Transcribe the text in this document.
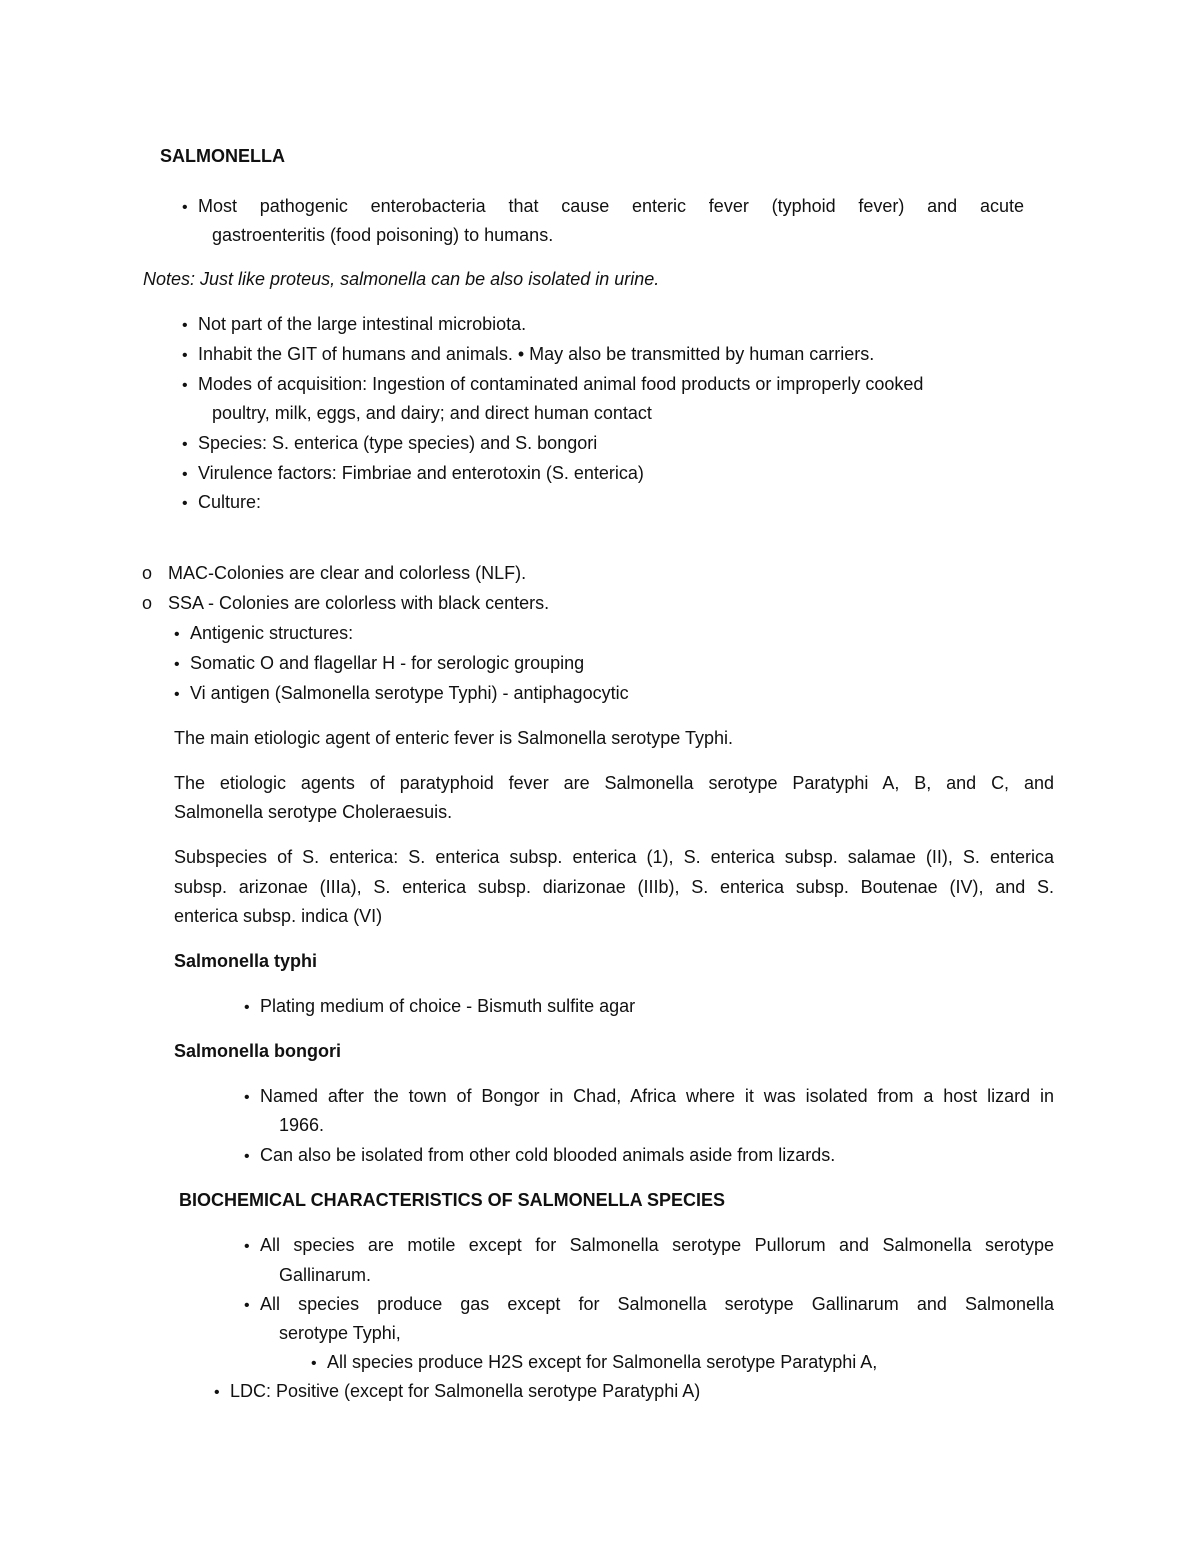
SALMONELLA
• Most pathogenic enterobacteria that cause enteric fever (typhoid fever) and acute
gastroenteritis (food poisoning) to humans.
Notes: Just like proteus, salmonella can be also isolated in urine.
• Not part of the large intestinal microbiota.
• Inhabit the GIT of humans and animals. • May also be transmitted by human carriers.
• Modes of acquisition: Ingestion of contaminated animal food products or improperly cooked
poultry, milk, eggs, and dairy; and direct human contact
• Species: S. enterica (type species) and S. bongori
• Virulence factors: Fimbriae and enterotoxin (S. enterica)
• Culture:
o MAC-Colonies are clear and colorless (NLF).
o SSA - Colonies are colorless with black centers.
• Antigenic structures:
• Somatic O and flagellar H - for serologic grouping
• Vi antigen (Salmonella serotype Typhi) - antiphagocytic
The main etiologic agent of enteric fever is Salmonella serotype Typhi.
The etiologic agents of paratyphoid fever are Salmonella serotype Paratyphi A, B, and C, and
Salmonella serotype Choleraesuis.
Subspecies of S. enterica: S. enterica subsp. enterica (1), S. enterica subsp. salamae (II), S. enterica
subsp. arizonae (IIIa), S. enterica subsp. diarizonae (IIIb), S. enterica subsp. Boutenae (IV), and S.
enterica subsp. indica (VI)
Salmonella typhi
• Plating medium of choice - Bismuth sulfite agar
Salmonella bongori
• Named after the town of Bongor in Chad, Africa where it was isolated from a host lizard in
1966.
• Can also be isolated from other cold blooded animals aside from lizards.
BIOCHEMICAL CHARACTERISTICS OF SALMONELLA SPECIES
• All species are motile except for Salmonella serotype Pullorum and Salmonella serotype
Gallinarum.
• All species produce gas except for Salmonella serotype Gallinarum and Salmonella
serotype Typhi,
• All species produce H2S except for Salmonella serotype Paratyphi A,
• LDC: Positive (except for Salmonella serotype Paratyphi A)
